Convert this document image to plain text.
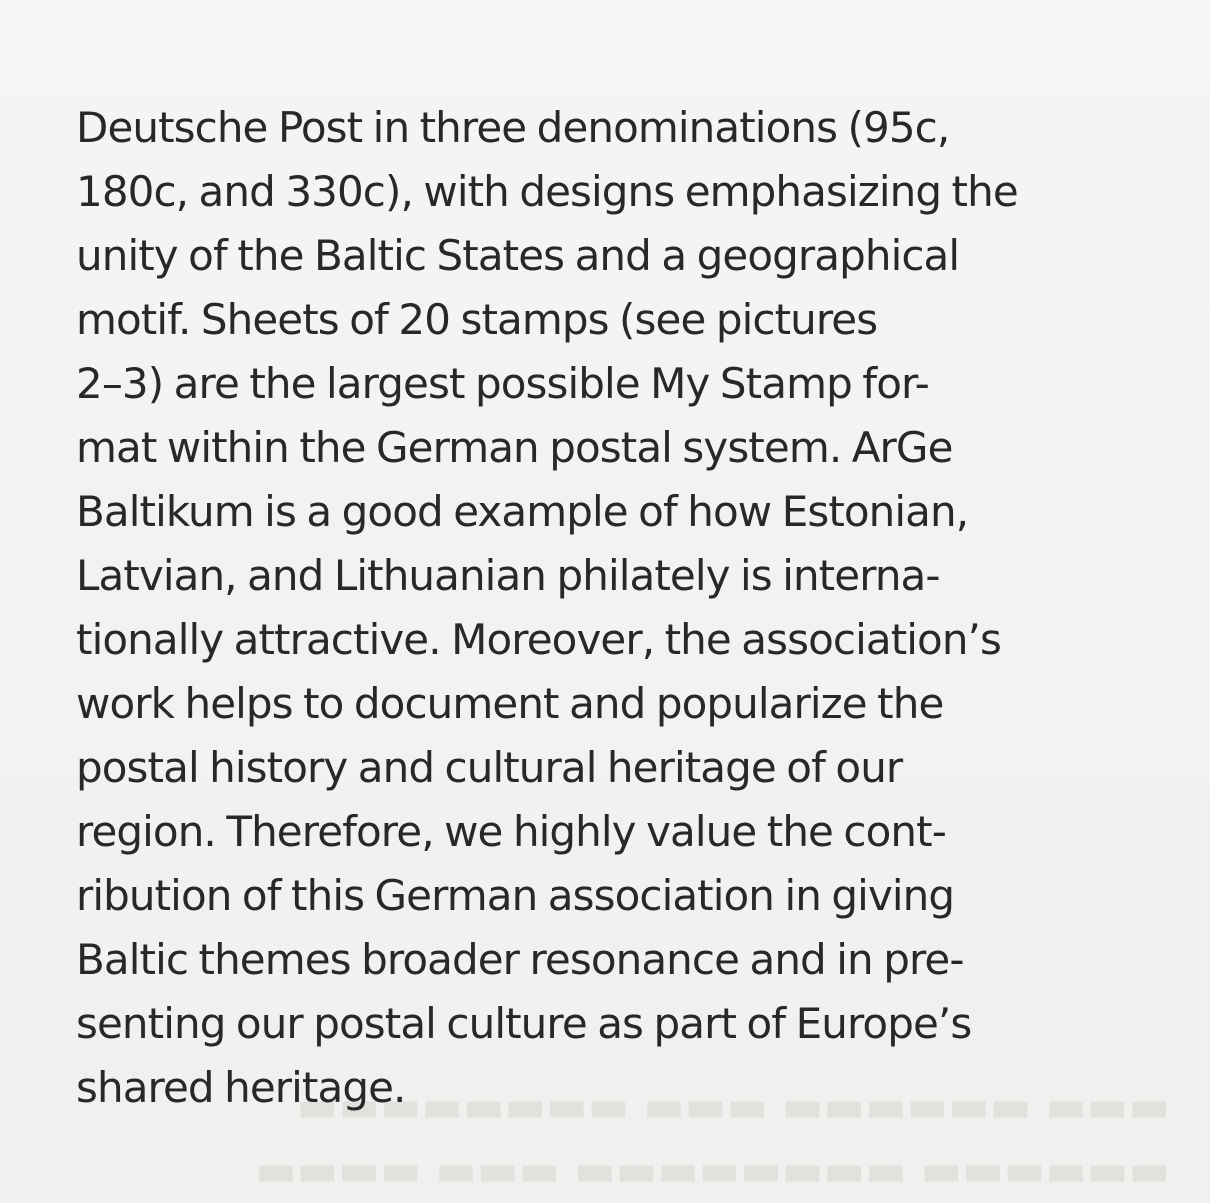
▬▬▬ ▬▬▬▬▬▬ ▬▬▬ ▬▬▬▬▬▬▬▬
▬▬▬▬▬▬ ▬▬▬▬▬▬▬▬ ▬▬▬ ▬▬▬▬
Deutsche Post in three denominations (95c,
180c, and 330c), with designs emphasizing the
unity of the Baltic States and a geographical
motif. Sheets of 20 stamps (see pictures
2–3) are the largest possible My Stamp for-
mat within the German postal system. ArGe
Baltikum is a good example of how Estonian,
Latvian, and Lithuanian philately is interna-
tionally attractive. Moreover, the association’s
work helps to document and popularize the
postal history and cultural heritage of our
region. Therefore, we highly value the cont-
ribution of this German association in giving
Baltic themes broader resonance and in pre-
senting our postal culture as part of Europe’s
shared heritage.
